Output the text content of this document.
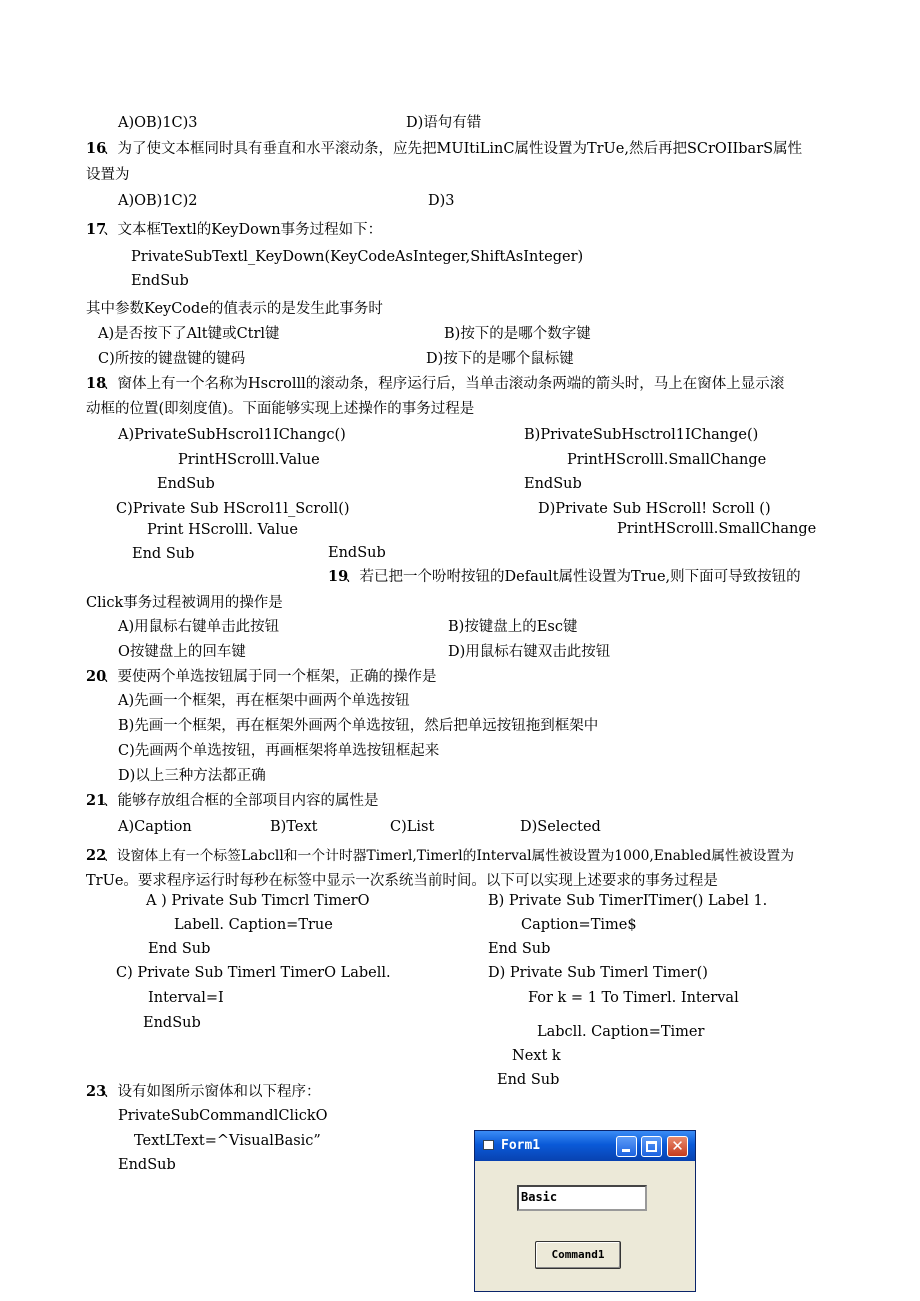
A)OB)1C)3	D)语句有错
16
、为了使文本框同时具有垂直和水平滚动条，应先把MUItiLinC属性设置为TrUe,然后再把SCrOIIbarS属性
设置为
A)OB)1C)2	D)3
17
、文本框Textl的KeyDown事务过程如下：
PrivateSubTextl_KeyDown(KeyCodeAsInteger,ShiftAsInteger)
EndSub
其中参数KeyCode的值表示的是发生此事务时
A)是否按下了Alt键或Ctrl键	B)按下的是哪个数字键
C)所按的键盘键的键码	D)按下的是哪个鼠标键
18
、窗体上有一个名称为Hscrolll的滚动条，程序运行后，当单击滚动条两端的箭头时，马上在窗体上显示滚
动框的位置(即刻度值)。下面能够实现上述操作的事务过程是
A)PrivateSubHscrol1IChangc()	B)PrivateSubHsctrol1IChange()
PrintHScrolll.Value	PrintHScrolll.SmallChange
EndSub	EndSub
C)Private Sub HScrol1l_Scroll()	D)Private Sub HScroll! Scroll ()
Print HScrolll. Value	PrintHScrolll.SmallChange
End Sub	EndSub
19
、若已把一个吩咐按钮的Default属性设置为True,则下面可导致按钮的
Click事务过程被调用的操作是
A)用鼠标右键单击此按钮	B)按键盘上的Esc键
O按键盘上的回车键	D)用鼠标右键双击此按钮
20
、要使两个单选按钮属于同一个框架，正确的操作是
A)先画一个框架，再在框架中画两个单选按钮
B)先画一个框架，再在框架外画两个单选按钮，然后把单远按钮拖到框架中
C)先画两个单选按钮，再画框架将单选按钮框起来
D)以上三种方法都正确
21
、能够存放组合框的全部项目内容的属性是
A)Caption	B)Text	C)List	D)Selected
22
、设窗体上有一个标签Labcll和一个计时器Timerl,Timerl的Interval属性被设置为1000,Enabled属性被设置为
TrUe。要求程序运行时每秒在标签中显示一次系统当前时间。以下可以实现上述要求的事务过程是
A ) Private Sub Timcrl TimerO	B) Private Sub TimerITimer() Label 1.
Labell. Caption=True	Caption=Time$
End Sub	End Sub
C) Private Sub Timerl TimerO Labell.	D) Private Sub Timerl Timer()
Interval=I	For k = 1 To Timerl. Interval
EndSub
Labcll. Caption=Timer
Next k
End Sub
23
、设有如图所示窗体和以下程序：
PrivateSubCommandlClickO
TextLText=^VisualBasic”
EndSub
Form1	✕
Basic
Command1
